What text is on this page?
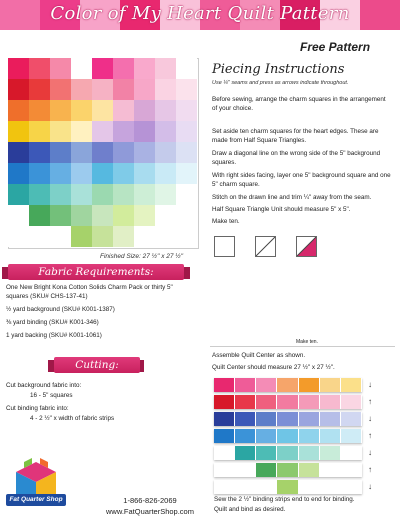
Color of My Heart Quilt Pattern
Free Pattern
Finished Size: 27 ½" x 27 ½"
Piecing Instructions
Use ¼" seams and press as arrows indicate throughout.
Before sewing, arrange the charm squares in the arrangement of your choice.
Set aside ten charm squares for the heart edges. These are made from Half Square Triangles.
Draw a diagonal line on the wrong side of the 5" background squares.
With right sides facing, layer one 5" background square and one 5" charm square.
Stitch on the drawn line and trim ¼" away from the seam.
Half Square Triangle Unit should measure 5" x 5".
Make ten.
Make ten.
Assemble Quilt Center as shown.
Quilt Center should measure 27 ½" x 27 ½".
↓
↑
↓
↑
↓
↑
↓
Sew the 2 ½" binding strips end to end for binding.
Quilt and bind as desired.
Fabric Requirements:
One New Bright Kona Cotton Solids Charm Pack or thirty 5" squares (SKU# CHS-137-41)
½ yard background (SKU# K001-1387)
⅜ yard binding (SKU# K001-346)
1 yard backing (SKU# K001-1061)
Cutting:
Cut background fabric into:
16 - 5" squares
Cut binding fabric into:
4 - 2 ½" x width of fabric strips
Fat Quarter Shop	1-866-826-2069
www.FatQuarterShop.com
